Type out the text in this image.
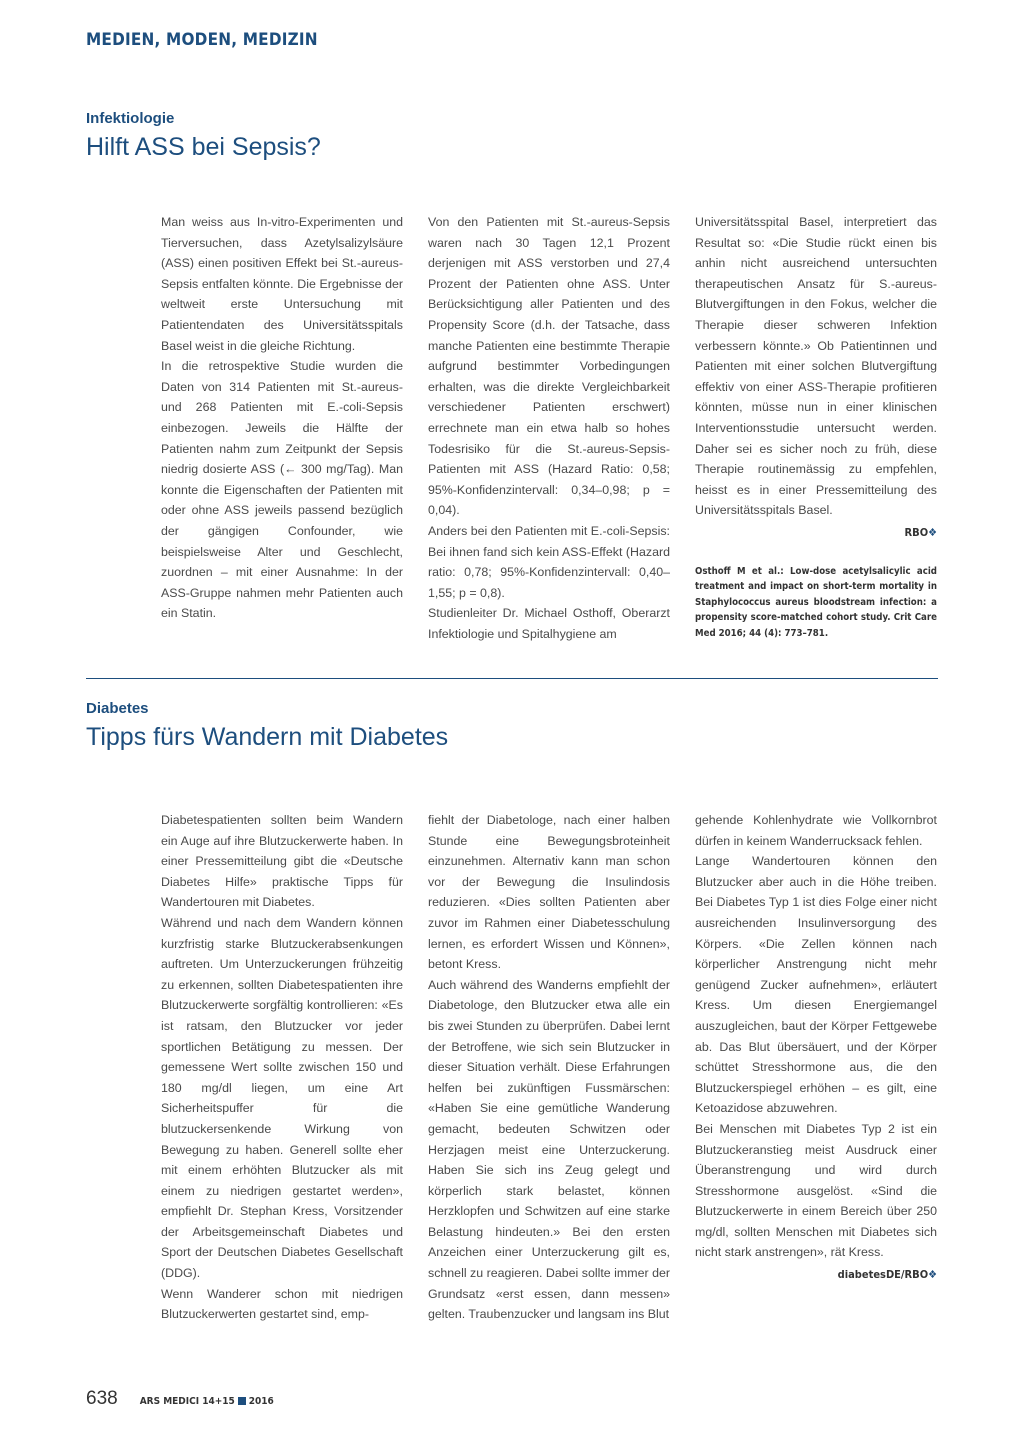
MEDIEN, MODEN, MEDIZIN
Infektiologie
Hilft ASS bei Sepsis?

Man weiss aus In-vitro-Experimenten und Tierversuchen, dass Azetylsalizylsäure (ASS) einen positiven Effekt bei St.-aureus-Sepsis entfalten könnte. Die Ergebnisse der weltweit erste Untersuchung mit Patientendaten des Universitätsspitals Basel weist in die gleiche Richtung.

In die retrospektive Studie wurden die Daten von 314 Patienten mit St.-aureus- und 268 Patienten mit E.-coli-Sepsis einbezogen. Jeweils die Hälfte der Patienten nahm zum Zeitpunkt der Sepsis niedrig dosierte ASS (← 300 mg/Tag). Man konnte die Eigenschaften der Patienten mit oder ohne ASS jeweils passend bezüglich der gängigen Confounder, wie beispielsweise Alter und Geschlecht, zuordnen – mit einer Ausnahme: In der ASS-Gruppe nahmen mehr Patienten auch ein Statin.

Von den Patienten mit St.-aureus-Sepsis waren nach 30 Tagen 12,1 Prozent derjenigen mit ASS verstorben und 27,4 Prozent der Patienten ohne ASS. Unter Berücksichtigung aller Patienten und des Propensity Score (d.h. der Tatsache, dass manche Patienten eine bestimmte Therapie aufgrund bestimmter Vorbedingungen erhalten, was die direkte Vergleichbarkeit verschiedener Patienten erschwert) errechnete man ein etwa halb so hohes Todesrisiko für die St.-aureus-Sepsis-Patienten mit ASS (Hazard Ratio: 0,58; 95%-Konfidenzintervall: 0,34–0,98; p = 0,04).

Anders bei den Patienten mit E.-coli-Sepsis: Bei ihnen fand sich kein ASS-Effekt (Hazard ratio: 0,78; 95%-Konfidenzintervall: 0,40–1,55; p = 0,8).

Studienleiter Dr. Michael Osthoff, Oberarzt Infektiologie und Spitalhygiene am

Universitätsspital Basel, interpretiert das Resultat so: «Die Studie rückt einen bis anhin nicht ausreichend untersuchten therapeutischen Ansatz für S.-aureus-Blutvergiftungen in den Fokus, welcher die Therapie dieser schweren Infektion verbessern könnte.» Ob Patientinnen und Patienten mit einer solchen Blutvergiftung effektiv von einer ASS-Therapie profitieren könnten, müsse nun in einer klinischen Interventionsstudie untersucht werden. Daher sei es sicher noch zu früh, diese Therapie routinemässig zu empfehlen, heisst es in einer Pressemitteilung des Universitätsspitals Basel.

RBO❖
Osthoff M et al.: Low-dose acetylsalicylic acid treatment and impact on short-term mortality in Staphylococcus aureus bloodstream infection: a propensity score-matched cohort study. Crit Care Med 2016; 44 (4): 773–781.
Diabetes
Tipps fürs Wandern mit Diabetes

Diabetespatienten sollten beim Wandern ein Auge auf ihre Blutzuckerwerte haben. In einer Pressemitteilung gibt die «Deutsche Diabetes Hilfe» praktische Tipps für Wandertouren mit Diabetes.

Während und nach dem Wandern können kurzfristig starke Blutzuckerabsenkungen auftreten. Um Unterzuckerungen frühzeitig zu erkennen, sollten Diabetespatienten ihre Blutzuckerwerte sorgfältig kontrollieren: «Es ist ratsam, den Blutzucker vor jeder sportlichen Betätigung zu messen. Der gemessene Wert sollte zwischen 150 und 180 mg/dl liegen, um eine Art Sicherheitspuffer für die blutzuckersenkende Wirkung von Bewegung zu haben. Generell sollte eher mit einem erhöhten Blutzucker als mit einem zu niedrigen gestartet werden», empfiehlt Dr. Stephan Kress, Vorsitzender der Arbeitsgemeinschaft Diabetes und Sport der Deutschen Diabetes Gesellschaft (DDG).

Wenn Wanderer schon mit niedrigen Blutzuckerwerten gestartet sind, emp-

fiehlt der Diabetologe, nach einer halben Stunde eine Bewegungsbroteinheit einzunehmen. Alternativ kann man schon vor der Bewegung die Insulindosis reduzieren. «Dies sollten Patienten aber zuvor im Rahmen einer Diabetesschulung lernen, es erfordert Wissen und Können», betont Kress.

Auch während des Wanderns empfiehlt der Diabetologe, den Blutzucker etwa alle ein bis zwei Stunden zu überprüfen. Dabei lernt der Betroffene, wie sich sein Blutzucker in dieser Situation verhält. Diese Erfahrungen helfen bei zukünftigen Fussmärschen: «Haben Sie eine gemütliche Wanderung gemacht, bedeuten Schwitzen oder Herzjagen meist eine Unterzuckerung. Haben Sie sich ins Zeug gelegt und körperlich stark belastet, können Herzklopfen und Schwitzen auf eine starke Belastung hindeuten.» Bei den ersten Anzeichen einer Unterzuckerung gilt es, schnell zu reagieren. Dabei sollte immer der Grundsatz «erst essen, dann messen» gelten. Traubenzucker und langsam ins Blut

gehende Kohlenhydrate wie Vollkornbrot dürfen in keinem Wanderrucksack fehlen.

Lange Wandertouren können den Blutzucker aber auch in die Höhe treiben. Bei Diabetes Typ 1 ist dies Folge einer nicht ausreichenden Insulinversorgung des Körpers. «Die Zellen können nach körperlicher Anstrengung nicht mehr genügend Zucker aufnehmen», erläutert Kress. Um diesen Energiemangel auszugleichen, baut der Körper Fettgewebe ab. Das Blut übersäuert, und der Körper schüttet Stresshormone aus, die den Blutzuckerspiegel erhöhen – es gilt, eine Ketoazidose abzuwehren.

Bei Menschen mit Diabetes Typ 2 ist ein Blutzuckeranstieg meist Ausdruck einer Überanstrengung und wird durch Stresshormone ausgelöst. «Sind die Blutzuckerwerte in einem Bereich über 250 mg/dl, sollten Menschen mit Diabetes sich nicht stark anstrengen», rät Kress.

diabetesDE/RBO❖
638 ARS MEDICI 14+15 2016
